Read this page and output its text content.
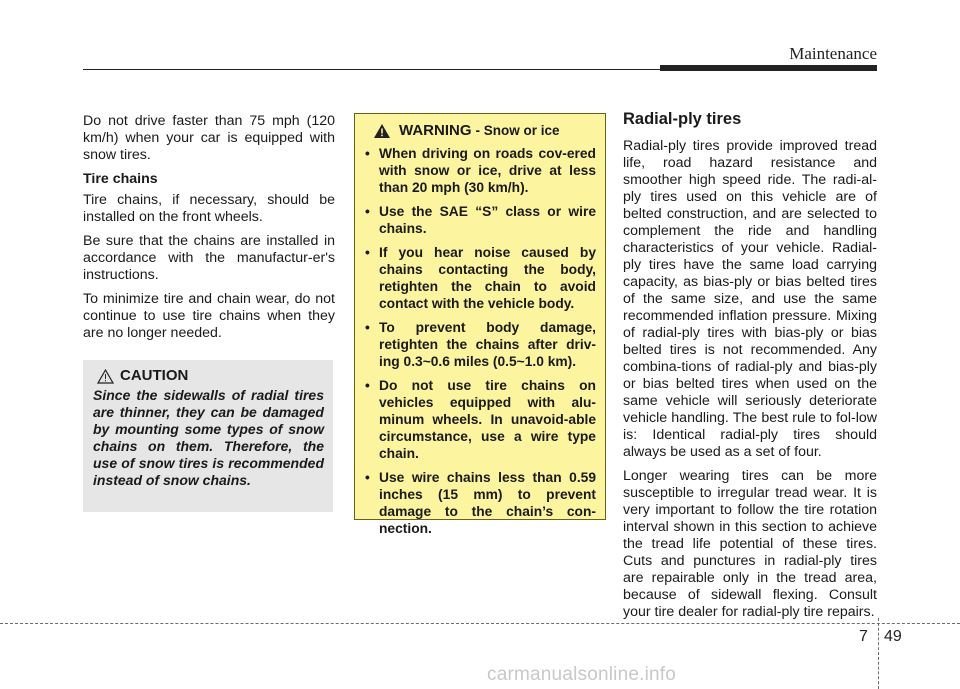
Maintenance

Do not drive faster than 75 mph (120 km/h) when your car is equipped with snow tires.

Tire chains

Tire chains, if necessary, should be installed on the front wheels.

Be sure that the chains are installed in accordance with the manufactur-er's instructions.

To minimize tire and chain wear, do not continue to use tire chains when they are no longer needed.

CAUTION

Since the sidewalls of radial tires are thinner, they can be damaged by mounting some types of snow chains on them. Therefore, the use of snow tires is recommended instead of snow chains.

WARNING - Snow or ice
• When driving on roads cov-ered with snow or ice, drive at less than 20 mph (30 km/h).
• Use the SAE “S” class or wire chains.
• If you hear noise caused by chains contacting the body, retighten the chain to avoid contact with the vehicle body.
• To prevent body damage, retighten the chains after driv-ing 0.3~0.6 miles (0.5~1.0 km).
• Do not use tire chains on vehicles equipped with alu-minum wheels. In unavoid-able circumstance, use a wire type chain.
• Use wire chains less than 0.59 inches (15 mm) to prevent damage to the chain’s con-nection.
Radial-ply tires

Radial-ply tires provide improved tread life, road hazard resistance and smoother high speed ride. The radi-al-ply tires used on this vehicle are of belted construction, and are selected to complement the ride and handling characteristics of your vehicle. Radial-ply tires have the same load carrying capacity, as bias-ply or bias belted tires of the same size, and use the same recommended inflation pressure. Mixing of radial-ply tires with bias-ply or bias belted tires is not recommended. Any combina-tions of radial-ply and bias-ply or bias belted tires when used on the same vehicle will seriously deteriorate vehicle handling. The best rule to fol-low is: Identical radial-ply tires should always be used as a set of four.

Longer wearing tires can be more susceptible to irregular tread wear. It is very important to follow the tire rotation interval shown in this section to achieve the tread life potential of these tires. Cuts and punctures in radial-ply tires are repairable only in the tread area, because of sidewall flexing. Consult your tire dealer for radial-ply tire repairs.

7 49
carmanualsonline.info
